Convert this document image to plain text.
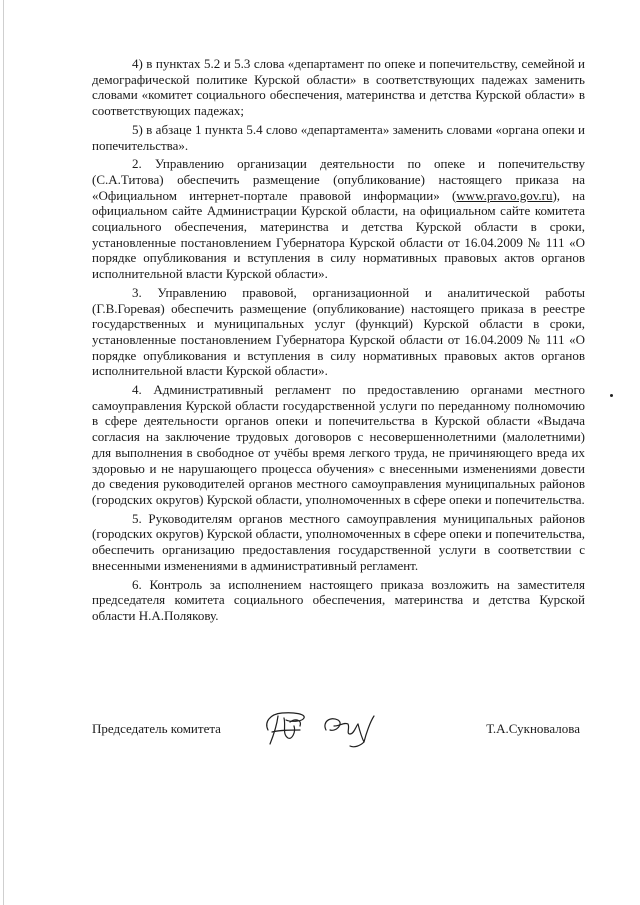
4) в пунктах 5.2 и 5.3 слова «департамент по опеке и попечительству, семейной и демографической политике Курской области» в соответствующих падежах заменить словами «комитет социального обеспечения, материнства и детства Курской области» в соответствующих падежах;

5) в абзаце 1 пункта 5.4 слово «департамента» заменить словами «органа опеки и попечительства».

2. Управлению организации деятельности по опеке и попечительству (С.А.Титова) обеспечить размещение (опубликование) настоящего приказа на «Официальном интернет-портале правовой информации» (www.pravo.gov.ru), на официальном сайте Администрации Курской области, на официальном сайте комитета социального обеспечения, материнства и детства Курской области в сроки, установленные постановлением Губернатора Курской области от 16.04.2009 № 111 «О порядке опубликования и вступления в силу нормативных правовых актов органов исполнительной власти Курской области».

3. Управлению правовой, организационной и аналитической работы (Г.В.Горевая) обеспечить размещение (опубликование) настоящего приказа в реестре государственных и муниципальных услуг (функций) Курской области в сроки, установленные постановлением Губернатора Курской области от 16.04.2009 № 111 «О порядке опубликования и вступления в силу нормативных правовых актов органов исполнительной власти Курской области».

4. Административный регламент по предоставлению органами местного самоуправления Курской области государственной услуги по переданному полномочию в сфере деятельности органов опеки и попечительства в Курской области «Выдача согласия на заключение трудовых договоров с несовершеннолетними (малолетними) для выполнения в свободное от учёбы время легкого труда, не причиняющего вреда их здоровью и не нарушающего процесса обучения» с внесенными изменениями довести до сведения руководителей органов местного самоуправления муниципальных районов (городских округов) Курской области, уполномоченных в сфере опеки и попечительства.

5. Руководителям органов местного самоуправления муниципальных районов (городских округов) Курской области, уполномоченных в сфере опеки и попечительства, обеспечить организацию предоставления государственной услуги в соответствии с внесенными изменениями в административный регламент.

6. Контроль за исполнением настоящего приказа возложить на заместителя председателя комитета социального обеспечения, материнства и детства Курской области Н.А.Полякову.

Председатель комитета	Т.А.Сукновалова
